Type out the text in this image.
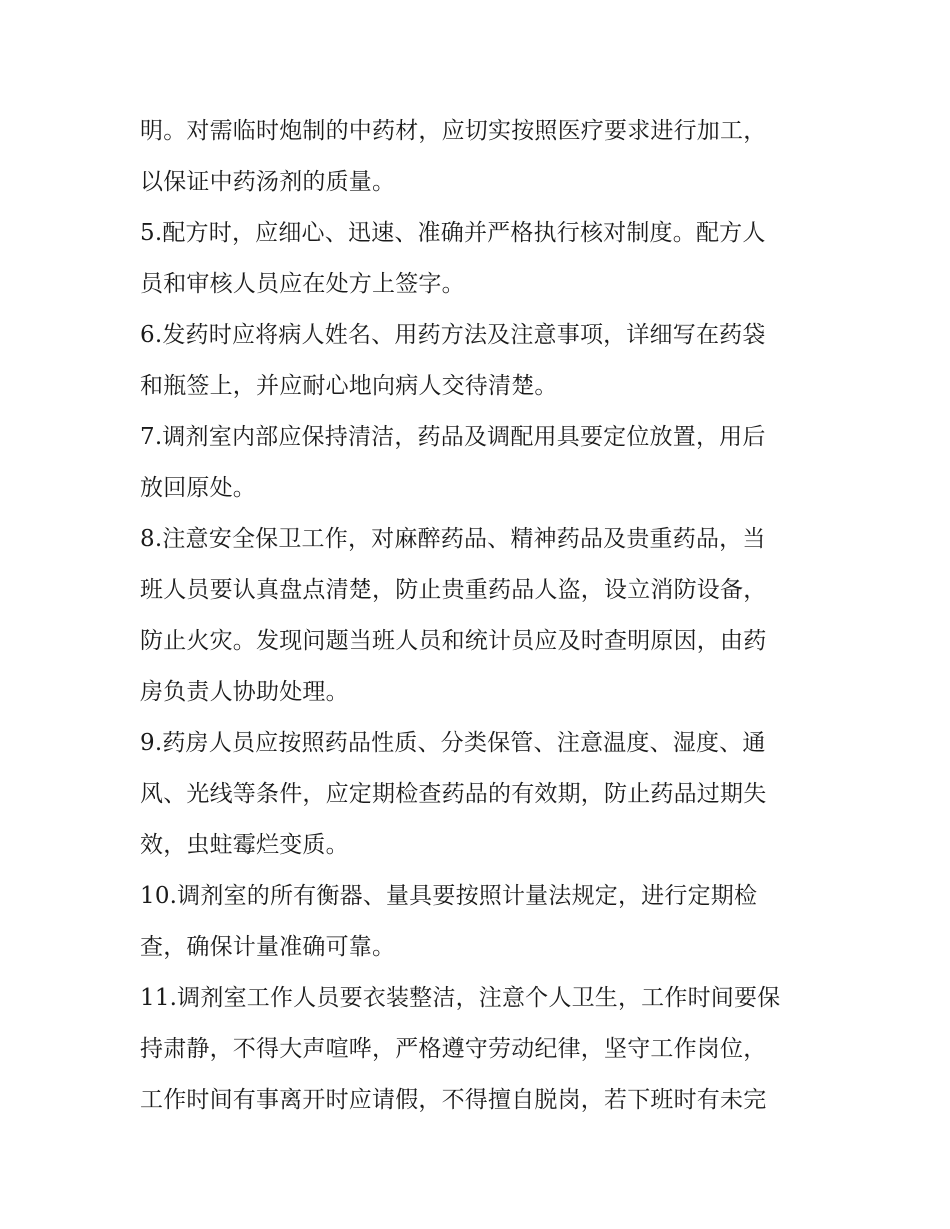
明。对需临时炮制的中药材，应切实按照医疗要求进行加工，
以保证中药汤剂的质量。
5.配方时，应细心、迅速、准确并严格执行核对制度。配方人
员和审核人员应在处方上签字。
6.发药时应将病人姓名、用药方法及注意事项，详细写在药袋
和瓶签上，并应耐心地向病人交待清楚。
7.调剂室内部应保持清洁，药品及调配用具要定位放置，用后
放回原处。
8.注意安全保卫工作，对麻醉药品、精神药品及贵重药品，当
班人员要认真盘点清楚，防止贵重药品人盗，设立消防设备，
防止火灾。发现问题当班人员和统计员应及时查明原因，由药
房负责人协助处理。
9.药房人员应按照药品性质、分类保管、注意温度、湿度、通
风、光线等条件，应定期检查药品的有效期，防止药品过期失
效，虫蛀霉烂变质。
10.调剂室的所有衡器、量具要按照计量法规定，进行定期检
查，确保计量准确可靠。
11.调剂室工作人员要衣装整洁，注意个人卫生，工作时间要保
持肃静，不得大声喧哗，严格遵守劳动纪律，坚守工作岗位，
工作时间有事离开时应请假，不得擅自脱岗，若下班时有未完
